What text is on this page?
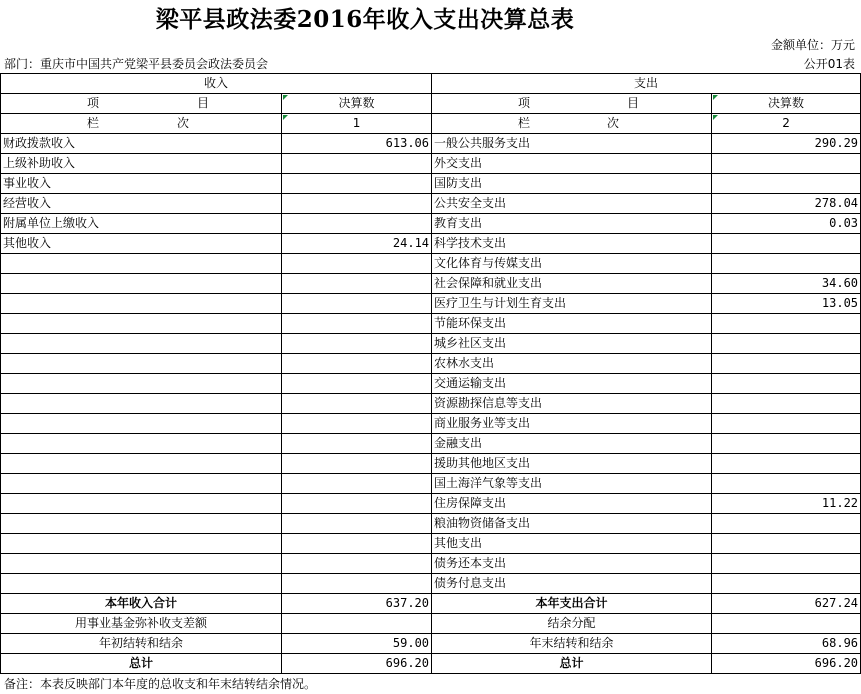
梁平县政法委2016年收入支出决算总表
金额单位：万元
部门：重庆市中国共产党梁平县委员会政法委员会	公开01表
收入		支出	

项 目	决算数	项 目	决算数

栏 次	1	栏 次	2
财政拨款收入	613.06	一般公共服务支出	290.29
上级补助收入		外交支出	
事业收入		国防支出	
经营收入		公共安全支出	278.04
附属单位上缴收入		教育支出	0.03
其他收入	24.14	科学技术支出	
		文化体育与传媒支出	
		社会保障和就业支出	34.60
		医疗卫生与计划生育支出	13.05
		节能环保支出	
		城乡社区支出	
		农林水支出	
		交通运输支出	
		资源勘探信息等支出	
		商业服务业等支出	
		金融支出	
		援助其他地区支出	
		国土海洋气象等支出	
		住房保障支出	11.22
		粮油物资储备支出	
		其他支出	
		债务还本支出	
		债务付息支出	
本年收入合计	637.20	本年支出合计	627.24
用事业基金弥补收支差额		结余分配	
年初结转和结余	59.00	年末结转和结余	68.96
总计	696.20	总计	696.20
备注：本表反映部门本年度的总收支和年末结转结余情况。
